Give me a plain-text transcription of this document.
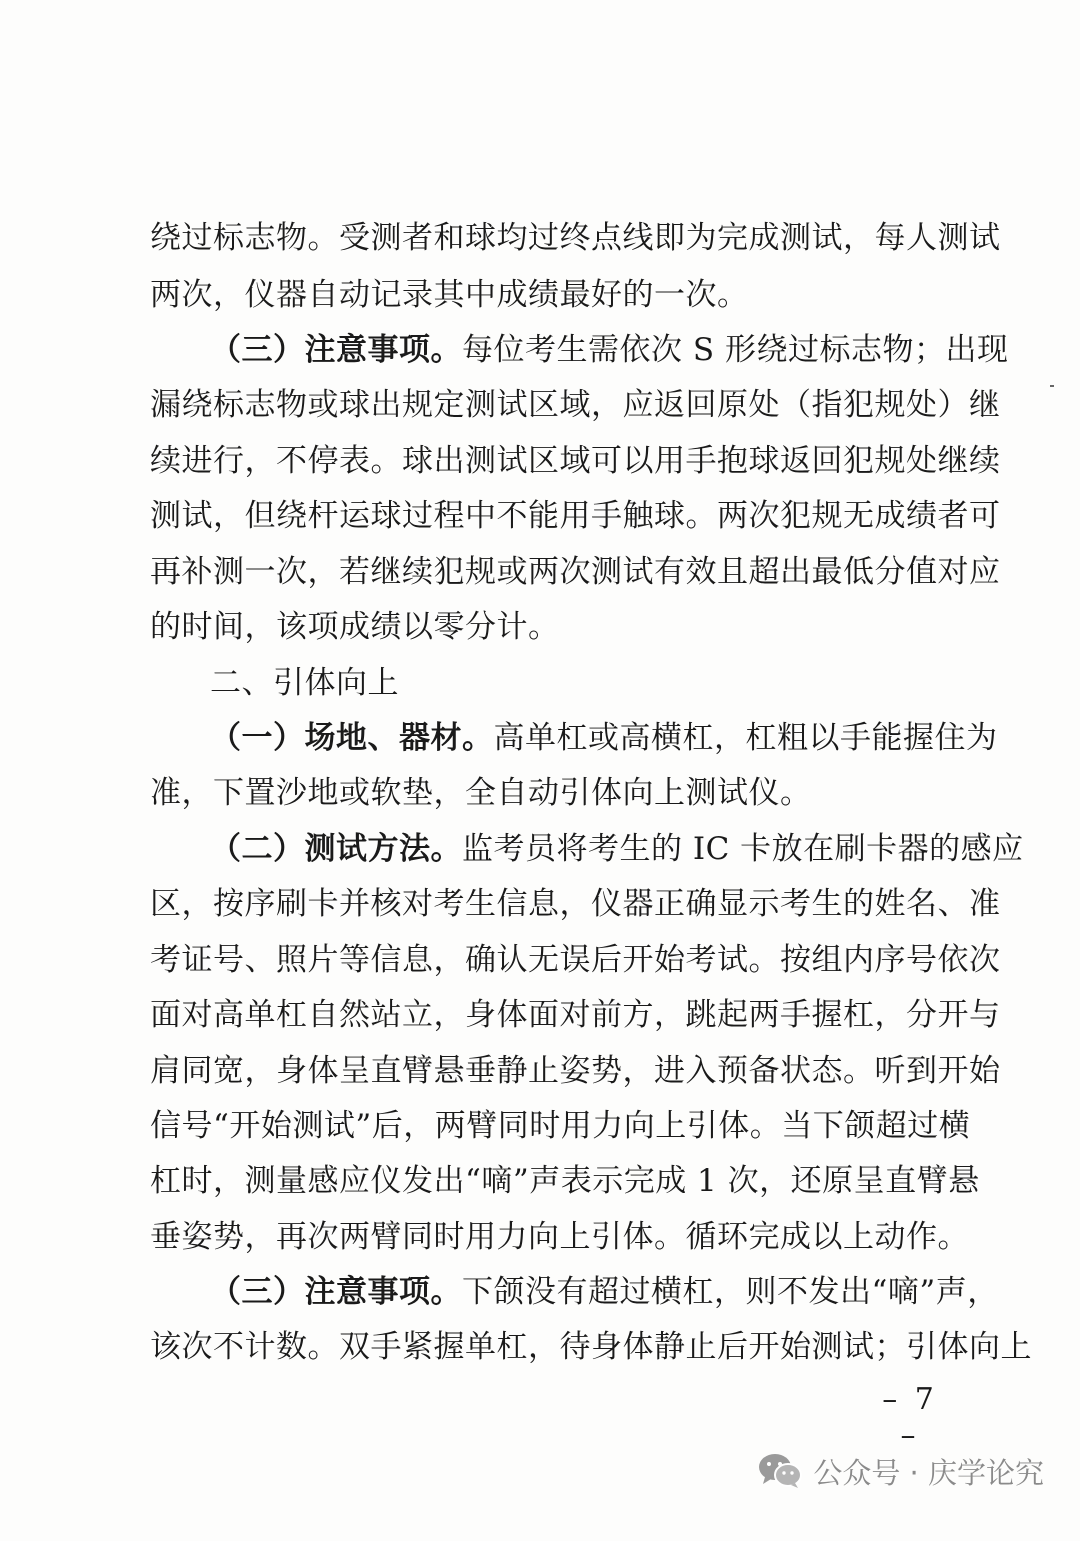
绕过标志物。受测者和球均过终点线即为完成测试，每人测试
两次，仪器自动记录其中成绩最好的一次。
（三）注意事项。每位考生需依次 S 形绕过标志物；出现
漏绕标志物或球出规定测试区域，应返回原处（指犯规处）继
续进行，不停表。球出测试区域可以用手抱球返回犯规处继续
测试，但绕杆运球过程中不能用手触球。两次犯规无成绩者可
再补测一次，若继续犯规或两次测试有效且超出最低分值对应
的时间，该项成绩以零分计。
二、引体向上
（一）场地、器材。高单杠或高横杠，杠粗以手能握住为
准，下置沙地或软垫，全自动引体向上测试仪。
（二）测试方法。监考员将考生的 IC 卡放在刷卡器的感应
区，按序刷卡并核对考生信息，仪器正确显示考生的姓名、准
考证号、照片等信息，确认无误后开始考试。按组内序号依次
面对高单杠自然站立，身体面对前方，跳起两手握杠，分开与
肩同宽，身体呈直臂悬垂静止姿势，进入预备状态。听到开始
信号“开始测试”后，两臂同时用力向上引体。当下颌超过横
杠时，测量感应仪发出“嘀”声表示完成 1 次，还原呈直臂悬
垂姿势，再次两臂同时用力向上引体。循环完成以上动作。
（三）注意事项。下颌没有超过横杠，则不发出“嘀”声，
该次不计数。双手紧握单杠，待身体静止后开始测试；引体向上
– 7 –
公众号 · 庆学论究
